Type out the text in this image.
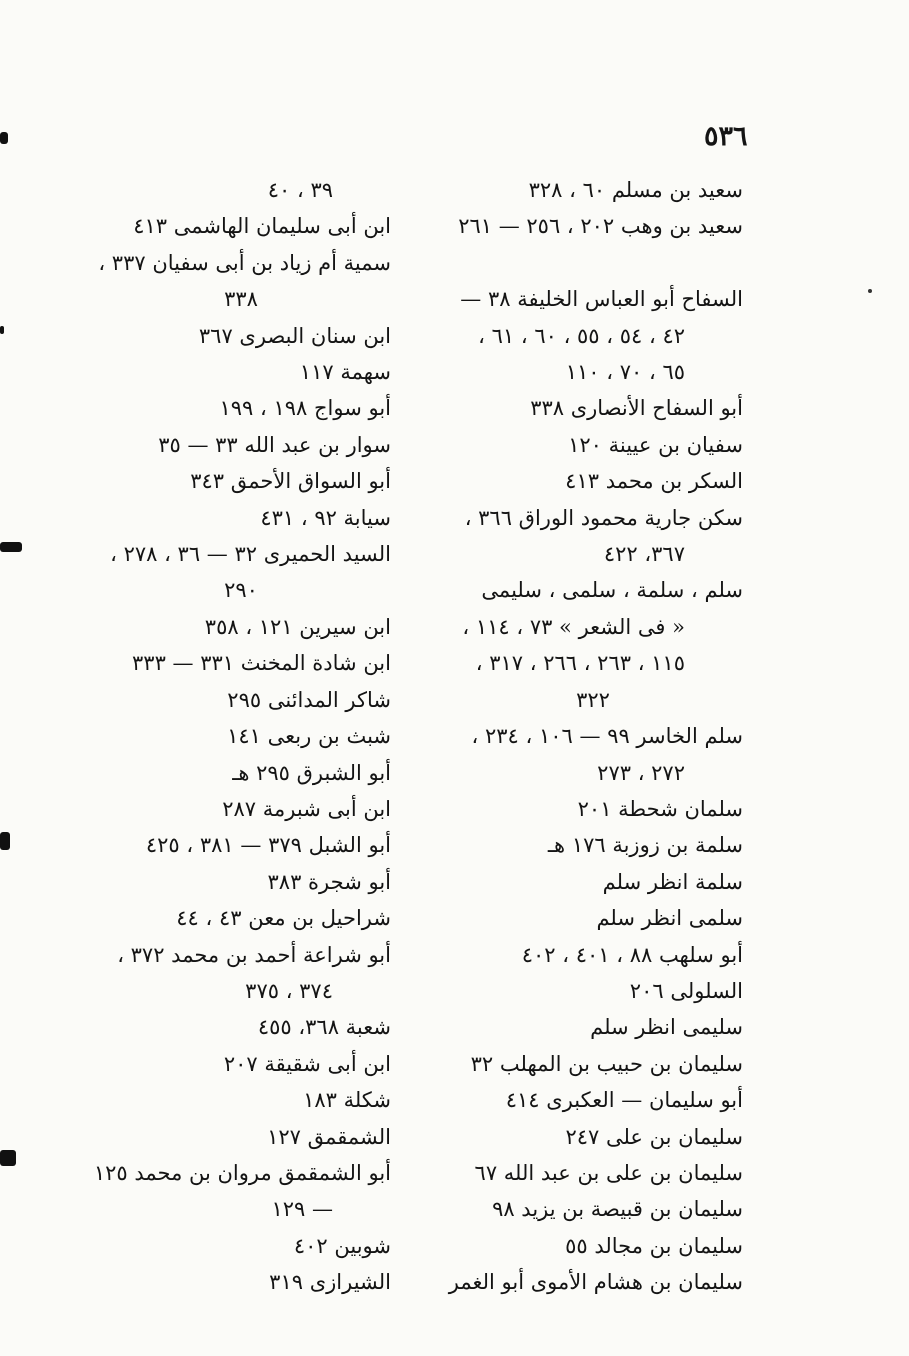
٥٣٦
سعيد بن مسلم ٦٠ ، ٣٢٨
سعيد بن وهب ٢٠٢ ، ٢٥٦ — ٢٦١

السفاح أبو العباس الخليفة ٣٨ —
٤٢ ، ٥٤ ، ٥٥ ، ٦٠ ، ٦١ ،
٦٥ ، ٧٠ ، ١١٠
أبو السفاح الأنصارى ٣٣٨
سفيان بن عيينة ١٢٠
السكر بن محمد ٤١٣
سكن جارية محمود الوراق ٣٦٦ ،
٣٦٧، ٤٢٢
سلم ، سلمة ، سلمى ، سليمى
« فى الشعر » ٧٣ ، ١١٤ ،
١١٥ ، ٢٦٣ ، ٢٦٦ ، ٣١٧ ،
٣٢٢
سلم الخاسر ٩٩ — ١٠٦ ، ٢٣٤ ،
٢٧٢ ، ٢٧٣
سلمان شحطة ٢٠١
سلمة بن زوزبة ١٧٦ هـ
سلمة انظر سلم
سلمى انظر سلم
أبو سلهب ٨٨ ، ٤٠١ ، ٤٠٢
السلولى ٢٠٦
سليمى انظر سلم
سليمان بن حبيب بن المهلب ٣٢
أبو سليمان — العكبرى ٤١٤
سليمان بن على ٢٤٧
سليمان بن على بن عبد الله ٦٧
سليمان بن قبيصة بن يزيد ٩٨
سليمان بن مجالد ٥٥
سليمان بن هشام الأموى أبو الغمر
٣٩ ، ٤٠
ابن أبى سليمان الهاشمى ٤١٣
سمية أم زياد بن أبى سفيان ٣٣٧ ،
٣٣٨
ابن سنان البصرى ٣٦٧
سهمة ١١٧
أبو سواج ١٩٨ ، ١٩٩
سوار بن عبد الله ٣٣ — ٣٥
أبو السواق الأحمق ٣٤٣
سيابة ٩٢ ، ٤٣١
السيد الحميرى ٣٢ — ٣٦ ، ٢٧٨ ،
٢٩٠
ابن سيرين ١٢١ ، ٣٥٨
ابن شادة المخنث ٣٣١ — ٣٣٣
شاكر المدائنى ٢٩٥
شبث بن ربعى ١٤١
أبو الشبرق ٢٩٥ هـ
ابن أبى شبرمة ٢٨٧
أبو الشبل ٣٧٩ — ٣٨١ ، ٤٢٥
أبو شجرة ٣٨٣
شراحيل بن معن ٤٣ ، ٤٤
أبو شراعة أحمد بن محمد ٣٧٢ ،
٣٧٤ ، ٣٧٥
شعبة ٣٦٨، ٤٥٥
ابن أبى شقيقة ٢٠٧
شكلة ١٨٣
الشمقمق ١٢٧
أبو الشمقمق مروان بن محمد ١٢٥
— ١٢٩
شوبين ٤٠٢
الشيرازى ٣١٩
